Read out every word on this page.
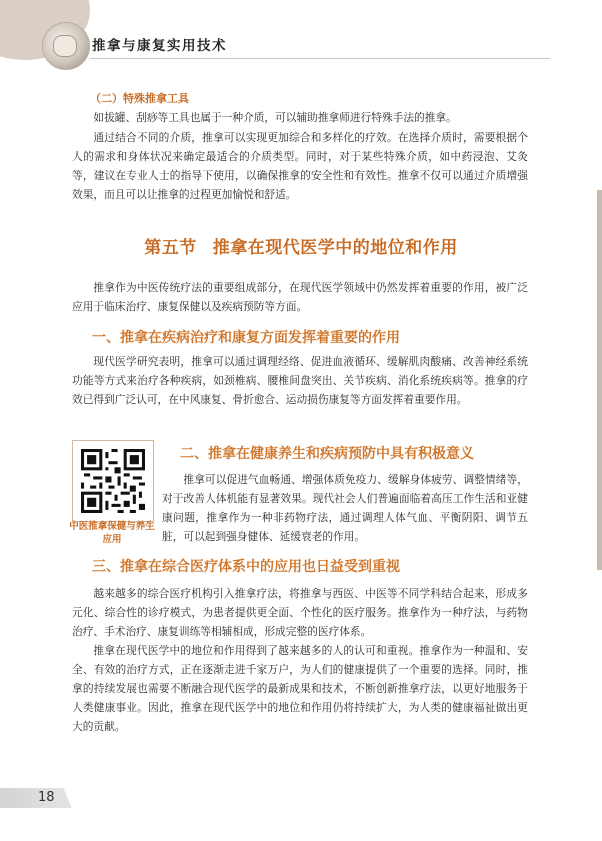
推拿与康复实用技术
（二）特殊推拿工具

如拔罐、刮痧等工具也属于一种介质，可以辅助推拿师进行特殊手法的推拿。

通过结合不同的介质，推拿可以实现更加综合和多样化的疗效。在选择介质时，需要根据个人的需求和身体状况来确定最适合的介质类型。同时，对于某些特殊介质，如中药浸泡、艾灸等，建议在专业人士的指导下使用，以确保推拿的安全性和有效性。推拿不仅可以通过介质增强效果，而且可以让推拿的过程更加愉悦和舒适。

第五节 推拿在现代医学中的地位和作用

推拿作为中医传统疗法的重要组成部分，在现代医学领域中仍然发挥着重要的作用，被广泛应用于临床治疗、康复保健以及疾病预防等方面。

一、推拿在疾病治疗和康复方面发挥着重要的作用

现代医学研究表明，推拿可以通过调理经络、促进血液循环、缓解肌肉酸痛、改善神经系统功能等方式来治疗各种疾病，如颈椎病、腰椎间盘突出、关节疾病、消化系统疾病等。推拿的疗效已得到广泛认可，在中风康复、骨折愈合、运动损伤康复等方面发挥着重要作用。

二、推拿在健康养生和疾病预防中具有积极意义
中医推拿保健与养生应用

推拿可以促进气血畅通、增强体质免疫力、缓解身体疲劳、调整情绪等，对于改善人体机能有显著效果。现代社会人们普遍面临着高压工作生活和亚健康问题，推拿作为一种非药物疗法，通过调理人体气血、平衡阴阳、调节五脏，可以起到强身健体、延缓衰老的作用。

三、推拿在综合医疗体系中的应用也日益受到重视

越来越多的综合医疗机构引入推拿疗法，将推拿与西医、中医等不同学科结合起来，形成多元化、综合性的诊疗模式，为患者提供更全面、个性化的医疗服务。推拿作为一种疗法，与药物治疗、手术治疗、康复训练等相辅相成，形成完整的医疗体系。

推拿在现代医学中的地位和作用得到了越来越多的人的认可和重视。推拿作为一种温和、安全、有效的治疗方式，正在逐渐走进千家万户，为人们的健康提供了一个重要的选择。同时，推拿的持续发展也需要不断融合现代医学的最新成果和技术，不断创新推拿疗法，以更好地服务于人类健康事业。因此，推拿在现代医学中的地位和作用仍将持续扩大，为人类的健康福祉做出更大的贡献。

18
